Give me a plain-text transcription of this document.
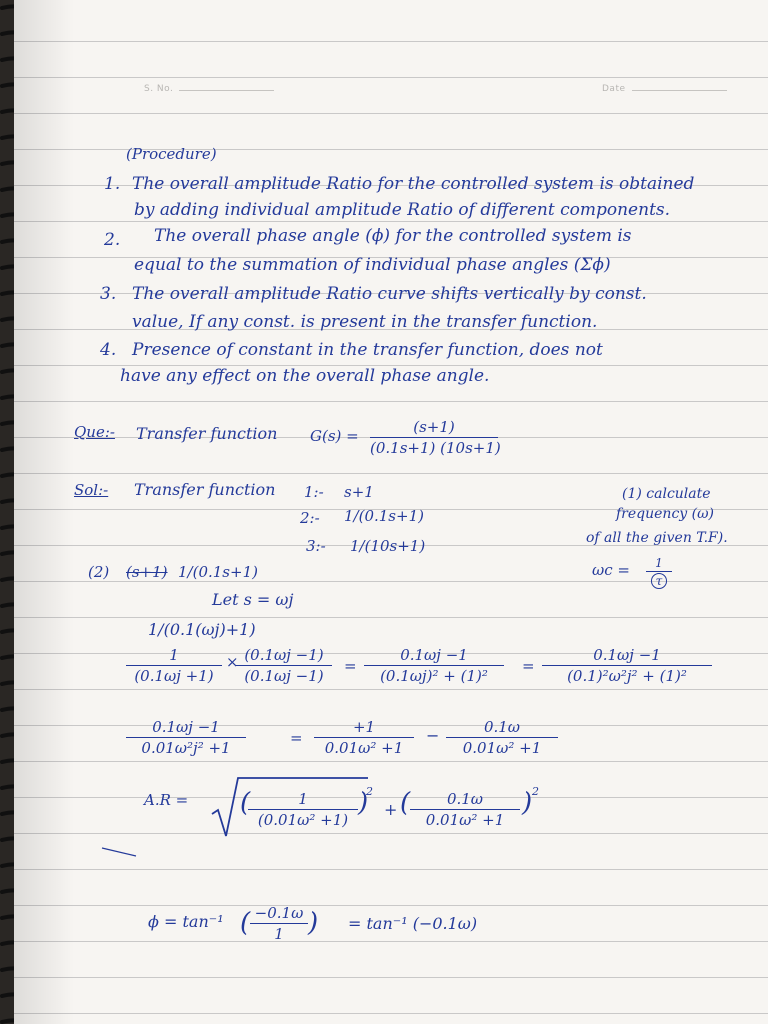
S. No.	Date
(Procedure)
1. The overall amplitude Ratio for the controlled system is obtained
by adding individual amplitude Ratio of different components.
2. The overall phase angle (ϕ) for the controlled system is
equal to the summation of individual phase angles (Σϕ)
3. The overall amplitude Ratio curve shifts vertically by const.
value, If any const. is present in the transfer function.
4. Presence of constant in the transfer function, does not
have any effect on the overall phase angle.
Que:- Transfer function $G(s) = \frac{(s+1)}{(0.1s+1) (10s+1)}$
Sol:- Transfer function 1:- s+1
2:- 1/(0.1s+1)
3:- 1/(10s+1)
(1) calculate
frequency (ω)
of all the given T.F).
$\omega c = \frac{1}{\tau}$
(2) (s+1) 1/(0.1s+1)
Let s = ωj
1/(0.1(ωj)+1)
$\frac{1}{(0.1\omega j +1)}$ ×
$\frac{(0.1\omega j -1)}{(0.1\omega j -1)} = \frac{0.1\omega j -1}{\text{(0.1ωj)² + (1)²}} = \frac{0.1\omega j -1}{\text{(0.1)²ω²j² + (1)²}}$
$\frac{0.1\omega j -1}{\text{0.01ω²j² +1}}$	= $\frac{+1}{\text{0.01ω² +1}} - \frac{0.1\omega}{\text{0.01ω² +1}}$
A.R = (
$\frac{1}{\text{(0.01ω² +1)}}$ )
2
+ ( $\frac{0.1\omega}{\text{0.01ω² +1}}$ ) 2
ϕ = tan⁻¹ ( $\frac{-0.1\omega}{1}$ ) = tan⁻¹ (−0.1ω)
